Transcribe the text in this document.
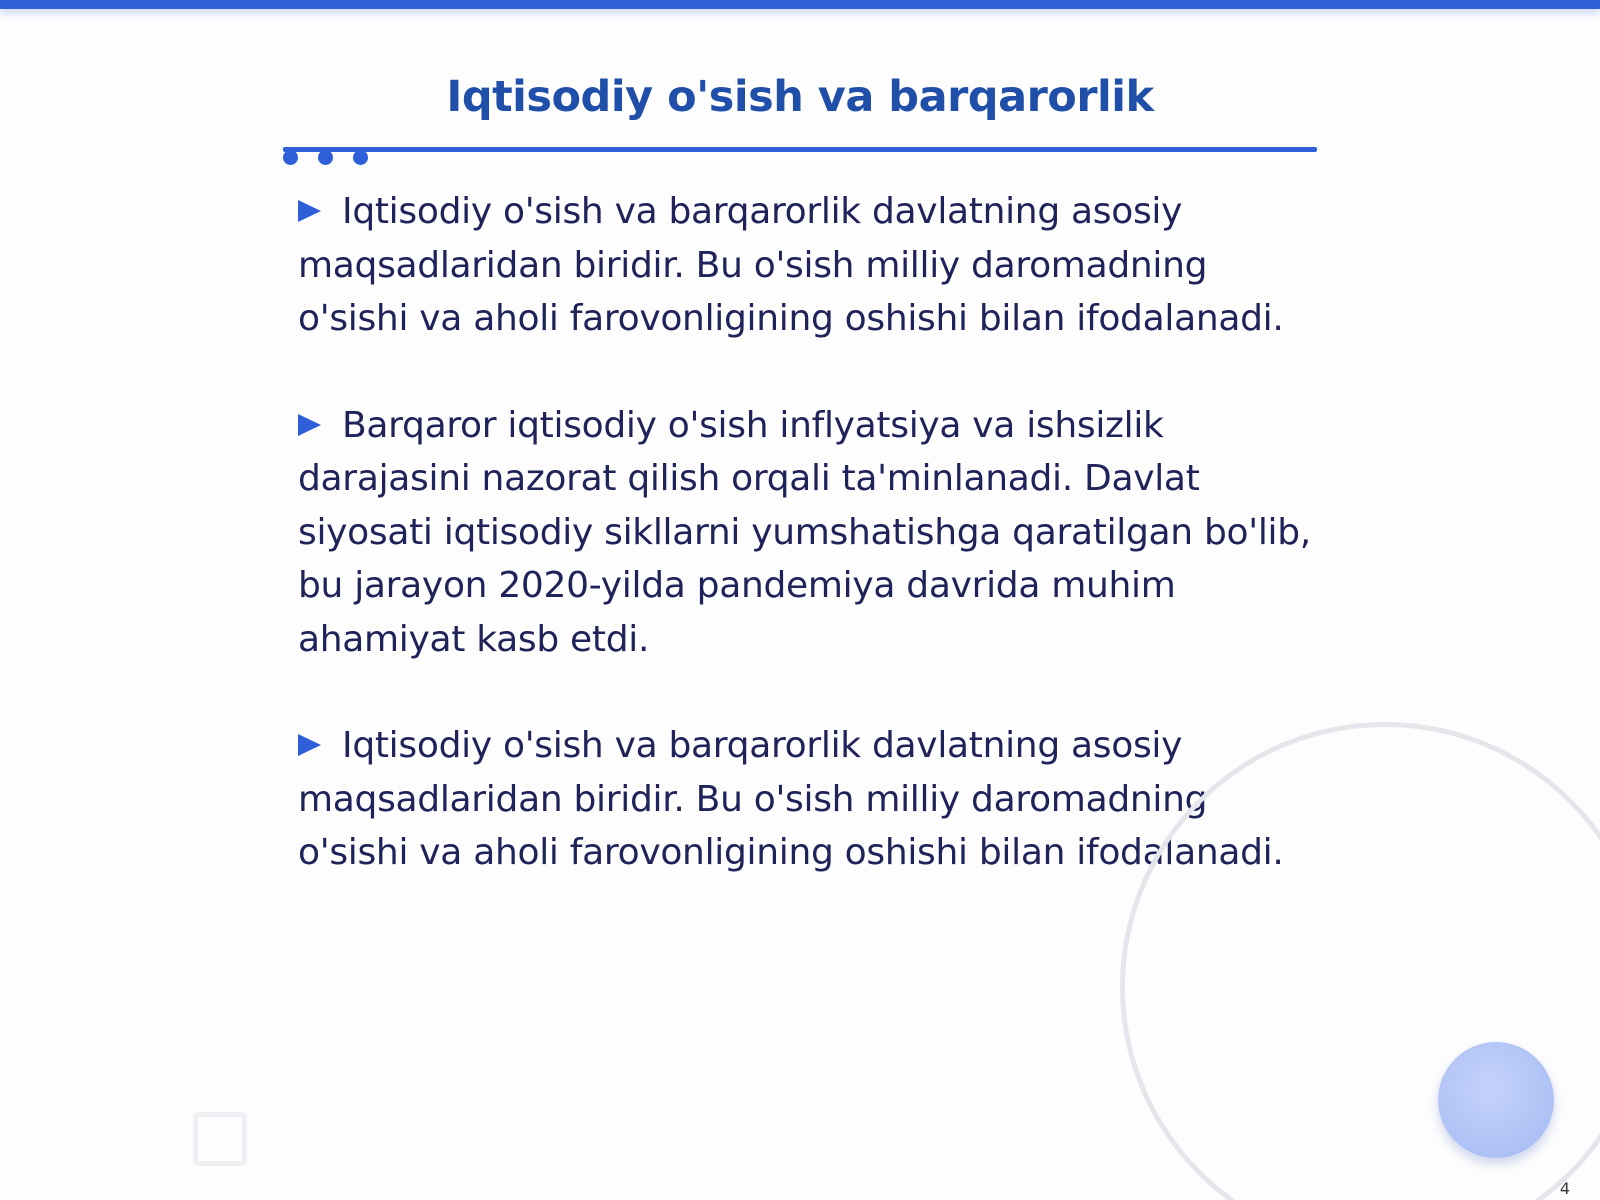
Iqtisodiy o'sish va barqarorlik

Iqtisodiy o'sish va barqarorlik davlatning asosiy maqsadlaridan biridir. Bu o'sish milliy daromadning o'sishi va aholi farovonligining oshishi bilan ifodalanadi.

Barqaror iqtisodiy o'sish inflyatsiya va ishsizlik darajasini nazorat qilish orqali ta'minlanadi. Davlat siyosati iqtisodiy sikllarni yumshatishga qaratilgan bo'lib, bu jarayon 2020-yilda pandemiya davrida muhim ahamiyat kasb etdi.

Iqtisodiy o'sish va barqarorlik davlatning asosiy maqsadlaridan biridir. Bu o'sish milliy daromadning o'sishi va aholi farovonligining oshishi bilan ifodalanadi.

4
